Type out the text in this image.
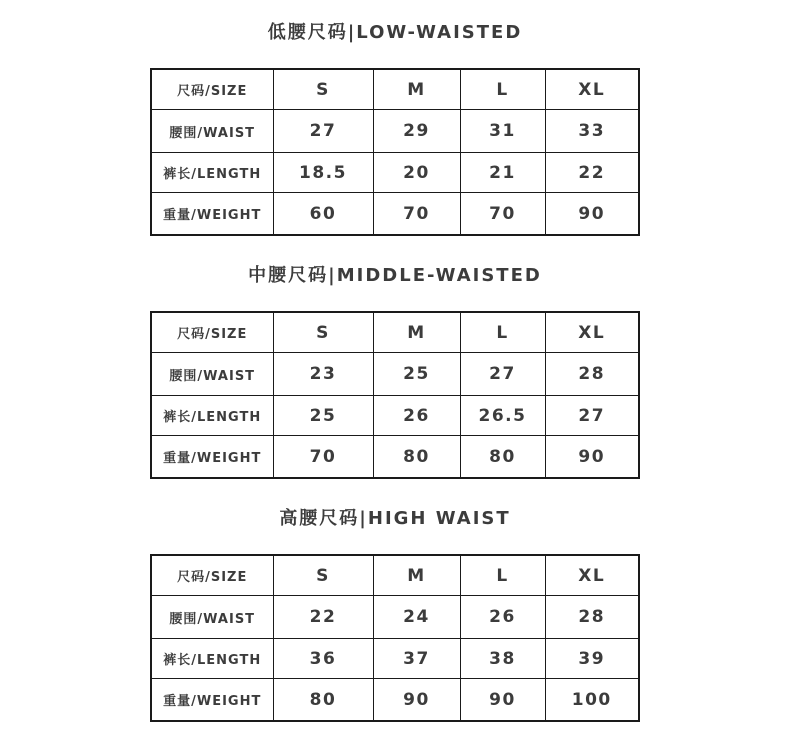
低腰尺码|LOW-WAISTED
尺码/SIZE	S	M	L	XL
腰围/WAIST	27	29	31	33
裤长/LENGTH	18.5	20	21	22
重量/WEIGHT	60	70	70	90
中腰尺码|MIDDLE-WAISTED
尺码/SIZE	S	M	L	XL
腰围/WAIST	23	25	27	28
裤长/LENGTH	25	26	26.5	27
重量/WEIGHT	70	80	80	90
高腰尺码|HIGH WAIST
尺码/SIZE	S	M	L	XL
腰围/WAIST	22	24	26	28
裤长/LENGTH	36	37	38	39
重量/WEIGHT	80	90	90	100
